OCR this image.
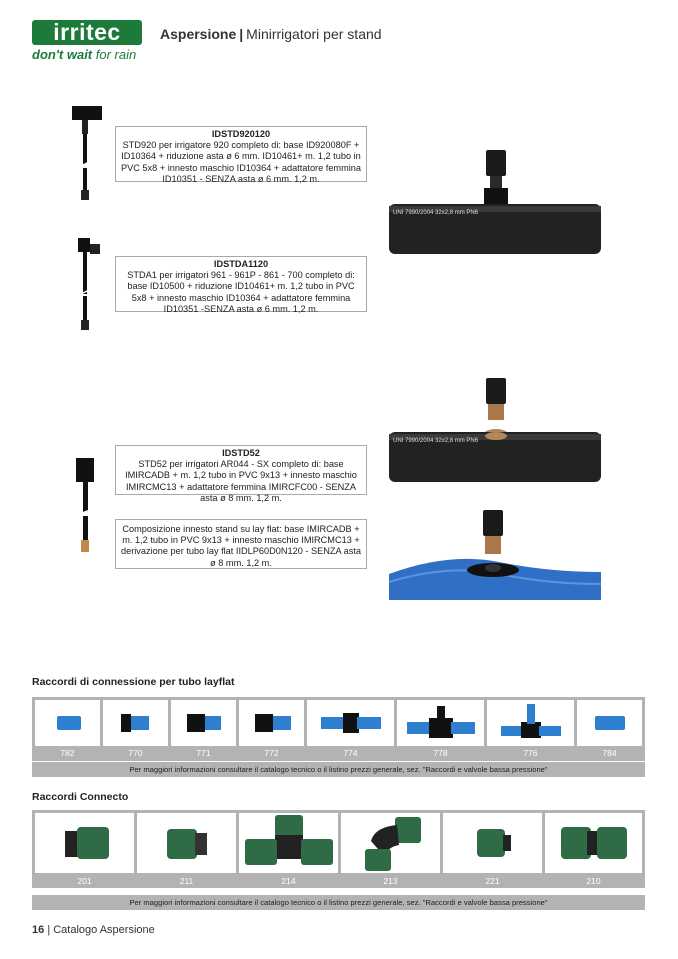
irritec
don't wait for rain
Aspersione | Minirrigatori per stand
IDSTD920120
STD920 per irrigatore 920 completo di: base ID920080F + ID10364 + riduzione asta ø 6 mm. ID10461+ m. 1,2 tubo in PVC 5x8 + innesto maschio ID10364 + adattatore femmina ID10351 - SENZA asta ø 6 mm. 1,2 m.
IDSTDA1120
STDA1 per irrigatori 961 - 961P - 861 - 700 completo di: base ID10500 + riduzione ID10461+ m. 1,2 tubo in PVC 5x8 + innesto maschio ID10364 + adattatore femmina ID10351 -SENZA asta ø 6 mm. 1,2 m.
IDSTD52
STD52 per irrigatori AR044 - SX completo di: base IMIRCADB + m. 1,2 tubo in PVC 9x13 + innesto maschio IMIRCMC13 + adattatore femmina IMIRCFC00 - SENZA asta ø 8 mm. 1,2 m.
Composizione innesto stand su lay flat: base IMIRCADB + m. 1,2 tubo in PVC 9x13 + innesto maschio IMIRCMC13 + derivazione per tubo lay flat IIDLP60D0N120 - SENZA asta ø 8 mm. 1,2 m.
UNI 7990/2004 32x2,8 mm PN6
UNI 7990/2004 32x2,8 mm PN6
Raccordi di connessione per tubo layflat
782	770	771	772	774	778	776	784
Per maggiori informazioni consultare il catalogo tecnico o il listino prezzi generale, sez. "Raccordi e valvole bassa pressione"
Raccordi Connecto
201	211	214	213	221	210
Per maggiori informazioni consultare il catalogo tecnico o il listino prezzi generale, sez. "Raccordi e valvole bassa pressione"
16 | Catalogo Aspersione
